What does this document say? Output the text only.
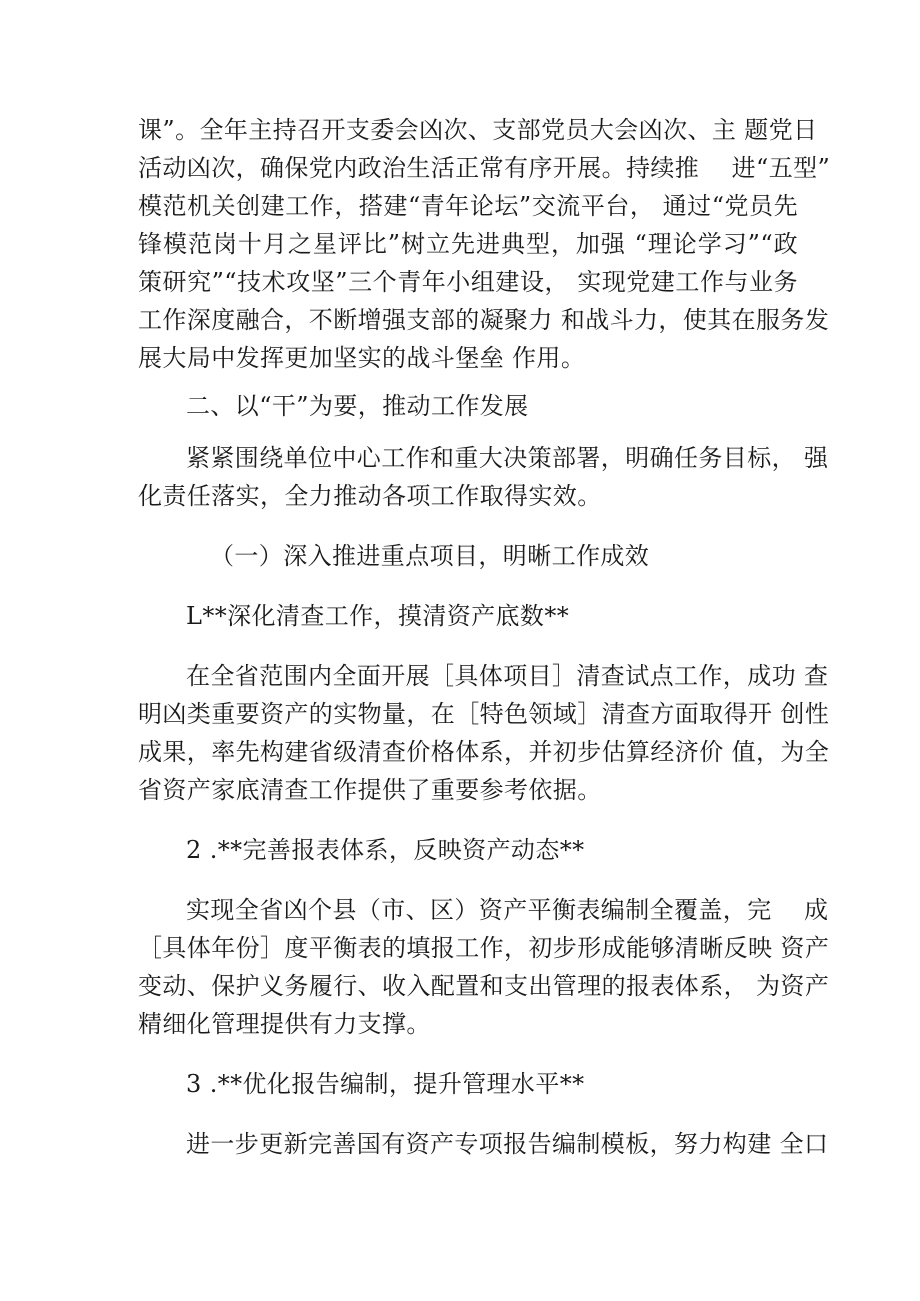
课”。全年主持召开支委会凶次、支部党员大会凶次、主 题党日
活动凶次，确保党内政治生活正常有序开展。持续推 　进“五型”
模范机关创建工作，搭建“青年论坛”交流平台， 通过“党员先
锋模范岗十月之星评比”树立先进典型，加强 “理论学习”“政
策研究”“技术攻坚”三个青年小组建设， 实现党建工作与业务
工作深度融合，不断增强支部的凝聚力 和战斗力，使其在服务发
展大局中发挥更加坚实的战斗堡垒 作用。
二、以“干”为要，推动工作发展
紧紧围绕单位中心工作和重大决策部署，明确任务目标， 强
化责任落实，全力推动各项工作取得实效。
（一）深入推进重点项目，明晰工作成效
L**深化清查工作，摸清资产底数**
在全省范围内全面开展［具体项目］清查试点工作，成功 查
明凶类重要资产的实物量，在［特色领域］清查方面取得开 创性
成果，率先构建省级清查价格体系，并初步估算经济价 值，为全
省资产家底清查工作提供了重要参考依据。
2 .**完善报表体系，反映资产动态**
实现全省凶个县（市、区）资产平衡表编制全覆盖，完 　成
［具体年份］度平衡表的填报工作，初步形成能够清晰反映 资产
变动、保护义务履行、收入配置和支出管理的报表体系， 为资产
精细化管理提供有力支撑。
3 .**优化报告编制，提升管理水平**
进一步更新完善国有资产专项报告编制模板，努力构建 全口
